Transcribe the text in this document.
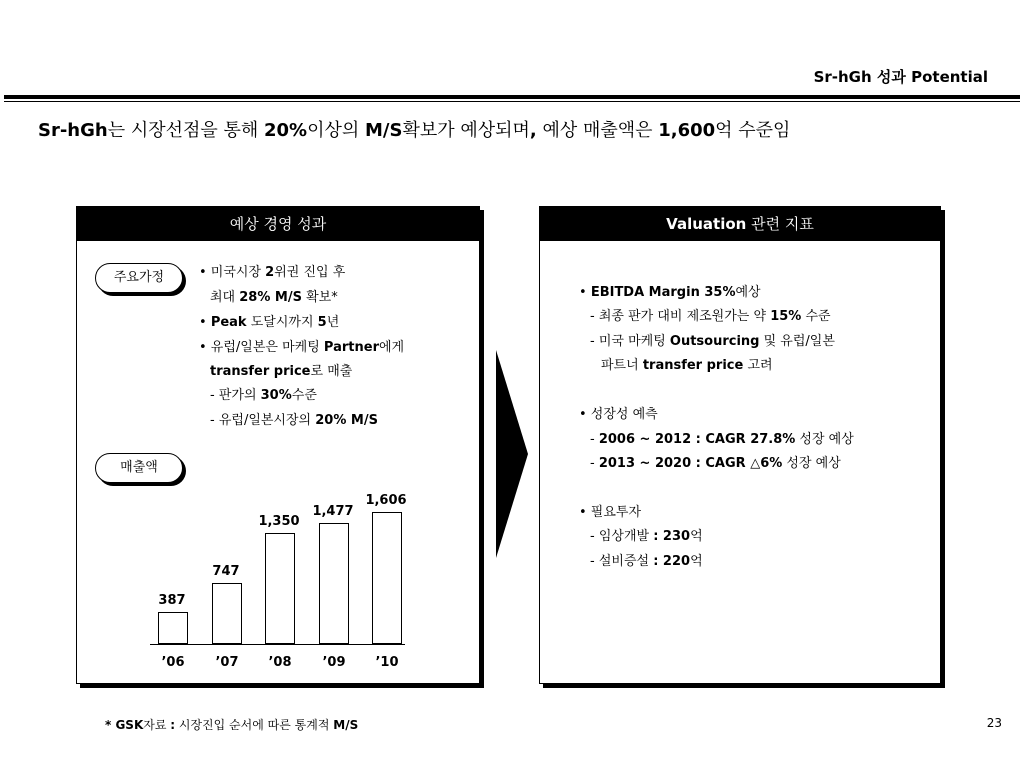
Sr-hGh 성과 Potential
Sr-hGh는 시장선점을 통해 20%이상의 M/S확보가 예상되며, 예상 매출액은 1,600억 수준임
예상 경영 성과
주요가정	• 미국시장 2위권 진입 후
최대 28% M/S 확보*
• Peak 도달시까지 5년
• 유럽/일본은 마케팅 Partner에게
transfer price로 매출
- 판가의 30%수준
- 유럽/일본시장의 20% M/S
매출액
387
’06
747
’07
1,350
’08
1,477
’09
1,606
’10
Valuation 관련 지표
• EBITDA Margin 35%예상
- 최종 판가 대비 제조원가는 약 15% 수준
- 미국 마케팅 Outsourcing 및 유럽/일본
파트너 transfer price 고려
• 성장성 예측
- 2006 ~ 2012 : CAGR 27.8% 성장 예상
- 2013 ~ 2020 : CAGR △6% 성장 예상
• 필요투자
- 임상개발 : 230억
- 설비증설 : 220억
* GSK자료 : 시장진입 순서에 따른 통계적 M/S	23
